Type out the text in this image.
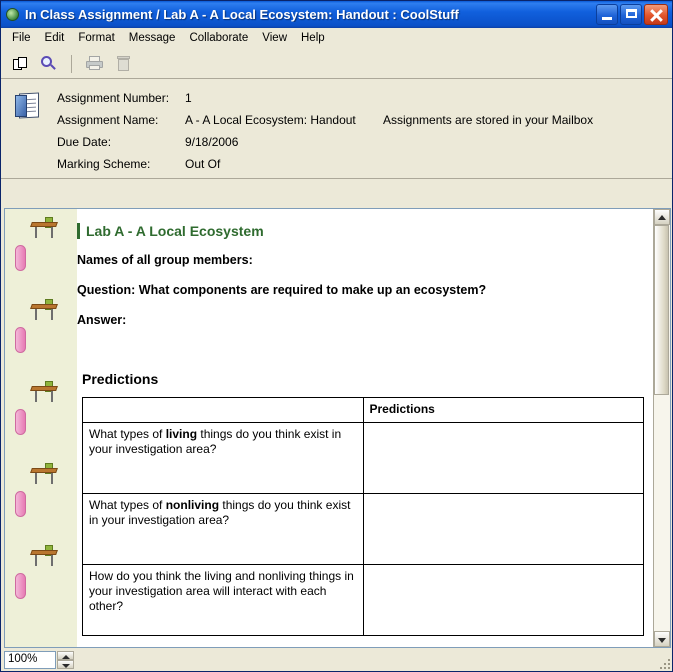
In Class Assignment / Lab A - A Local Ecosystem: Handout : CoolStuff
File	Edit	Format	Message	Collaborate	View	Help
Assignment Number:	1
Assignment Name:	A - A Local Ecosystem: Handout	Assignments are stored in your Mailbox
Due Date:	9/18/2006
Marking Scheme:	Out Of
Lab A - A Local Ecosystem
Names of all group members:
Question: What components are required to make up an ecosystem?
Answer:
Predictions
	Predictions
What types of living things do you think exist in your investigation area?	
What types of nonliving things do you think exist in your investigation area?	
How do you think the living and nonliving things in your investigation area will interact with each other?	
100%
